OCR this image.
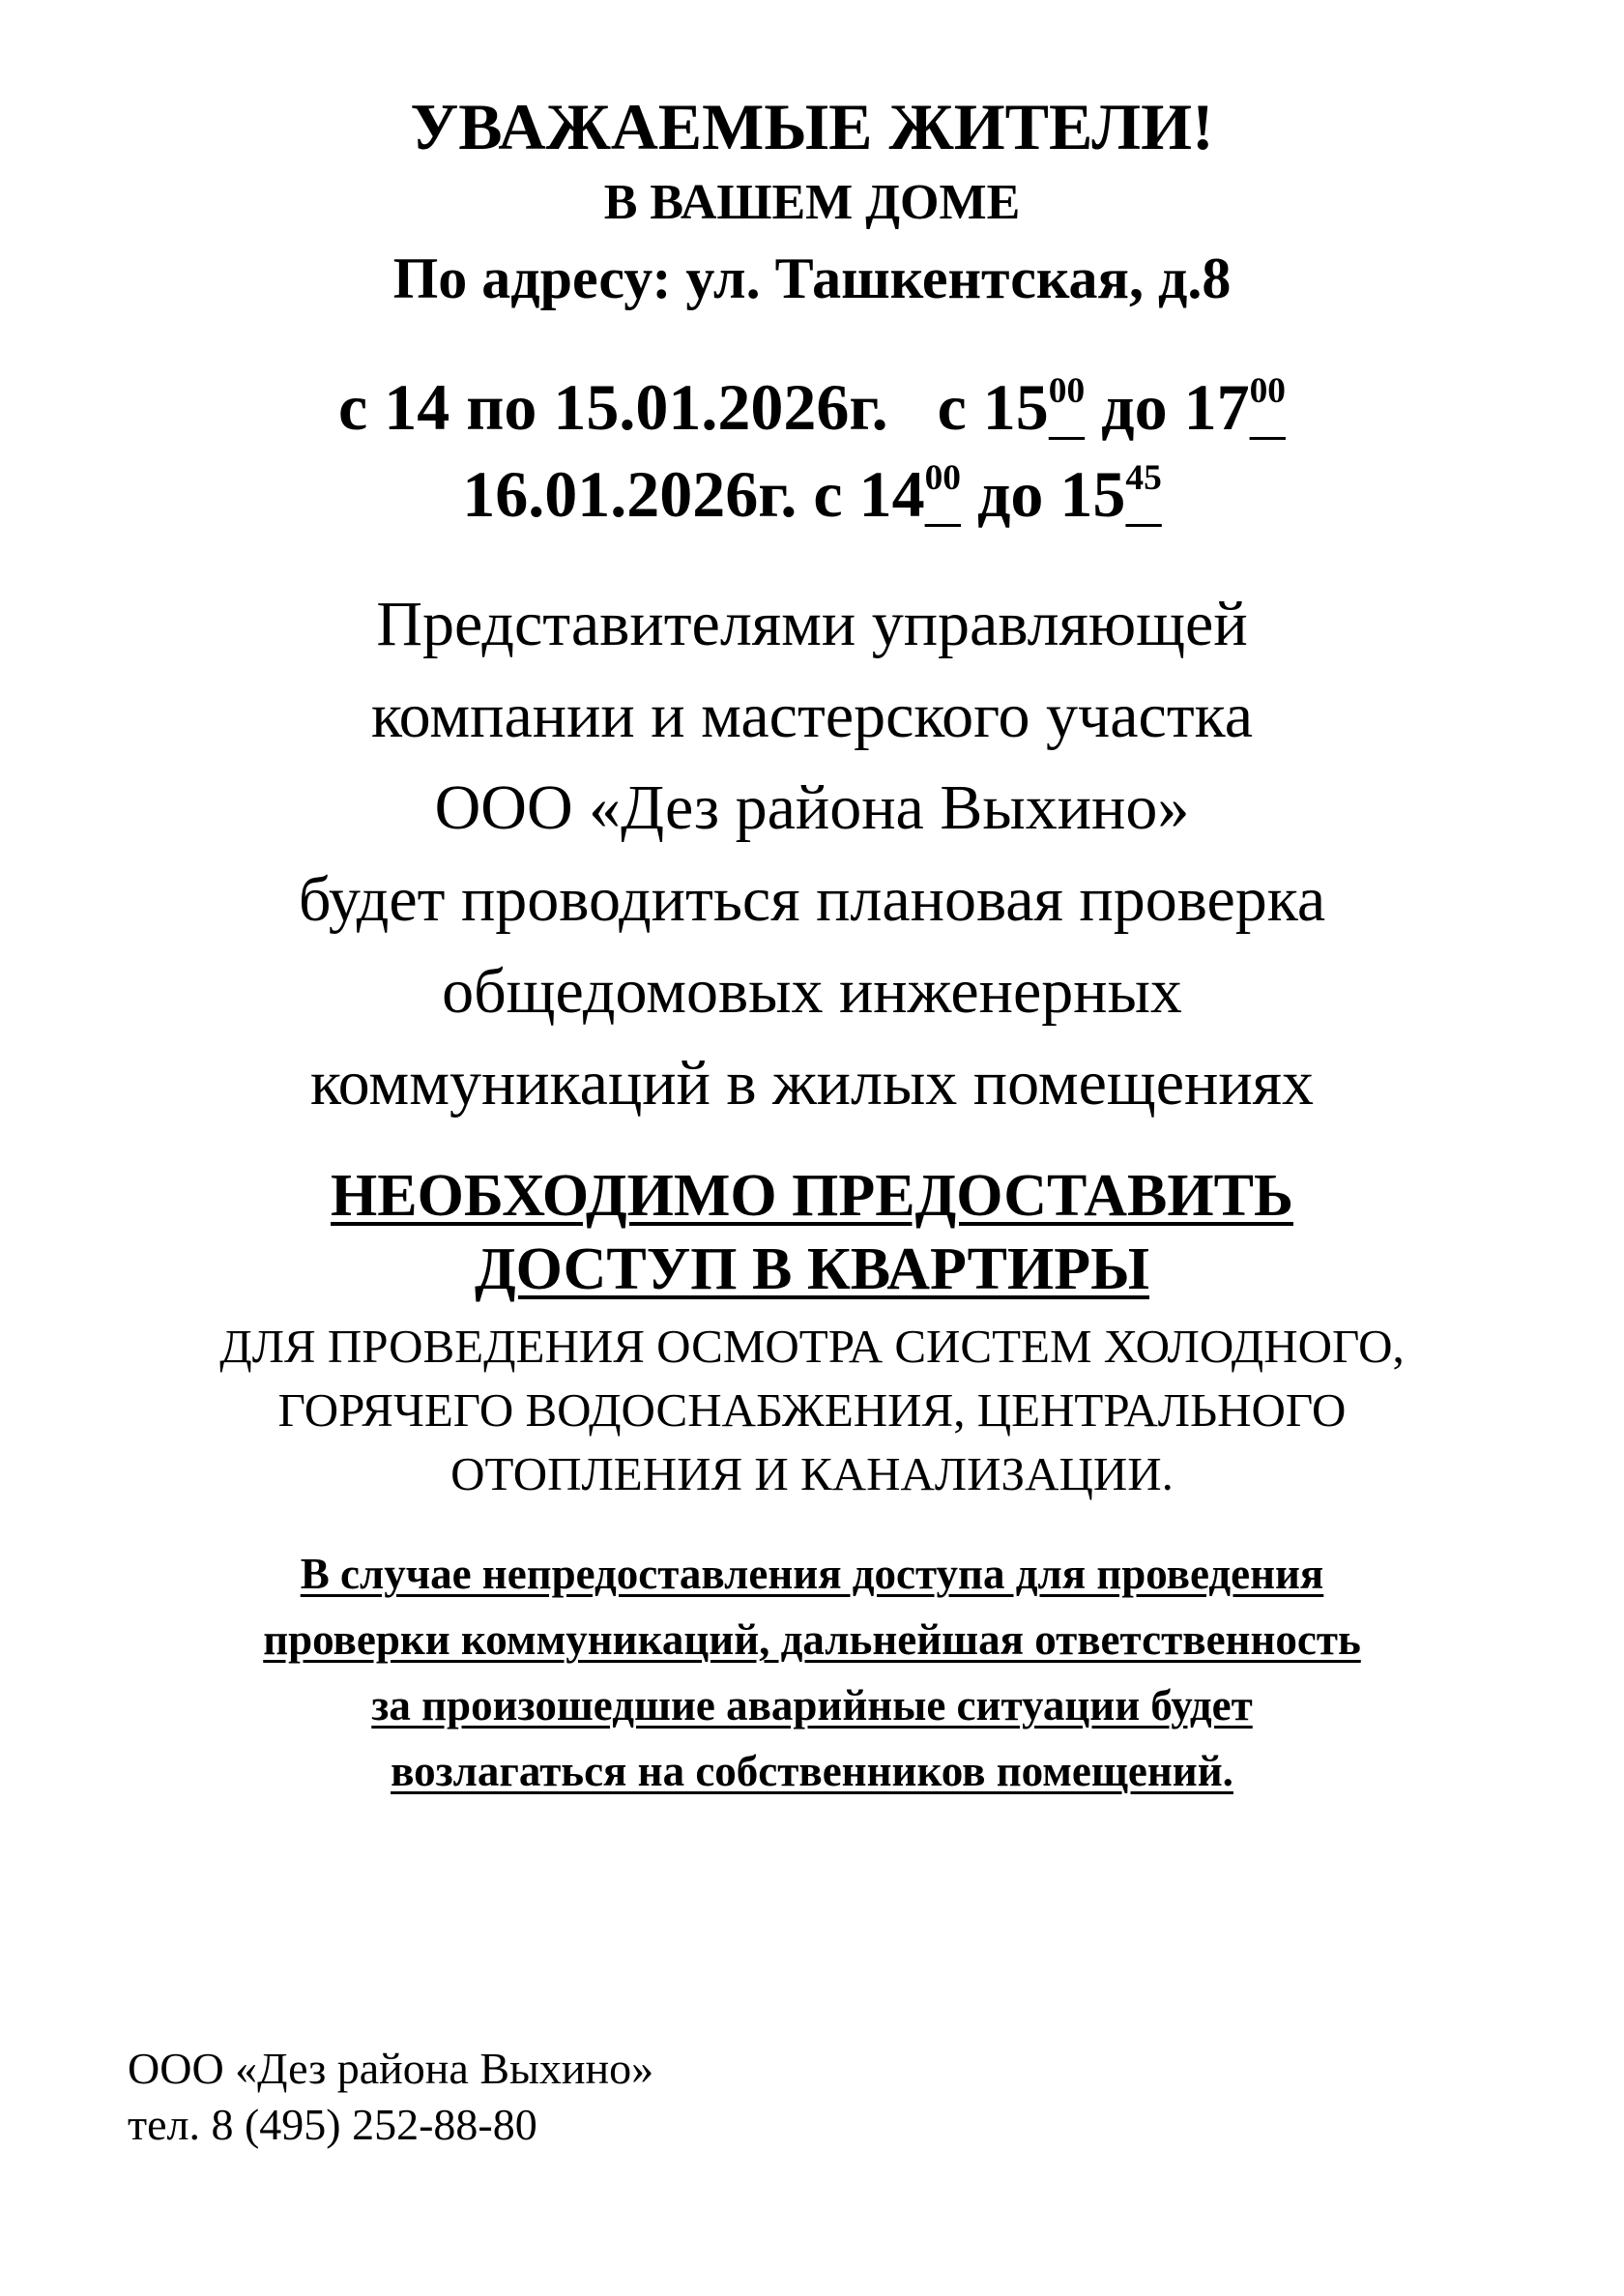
УВАЖАЕМЫЕ ЖИТЕЛИ!
В ВАШЕМ ДОМЕ
По адресу: ул. Ташкентская, д.8
с 14 по 15.01.2026г. с $15^{00}$ до $17^{00}$
16.01.2026г. с $14^{00}$ до $15^{45}$
Представителями управляющей
компании и мастерского участка
ООО «Дез района Выхино»
будет проводиться плановая проверка
общедомовых инженерных
коммуникаций в жилых помещениях
НЕОБХОДИМО ПРЕДОСТАВИТЬ
ДОСТУП В КВАРТИРЫ
ДЛЯ ПРОВЕДЕНИЯ ОСМОТРА СИСТЕМ ХОЛОДНОГО,
ГОРЯЧЕГО ВОДОСНАБЖЕНИЯ, ЦЕНТРАЛЬНОГО
ОТОПЛЕНИЯ И КАНАЛИЗАЦИИ.
В случае непредоставления доступа для проведения
проверки коммуникаций, дальнейшая ответственность
за произошедшие аварийные ситуации будет
возлагаться на собственников помещений.
ООО «Дез района Выхино»
тел. 8 (495) 252-88-80
